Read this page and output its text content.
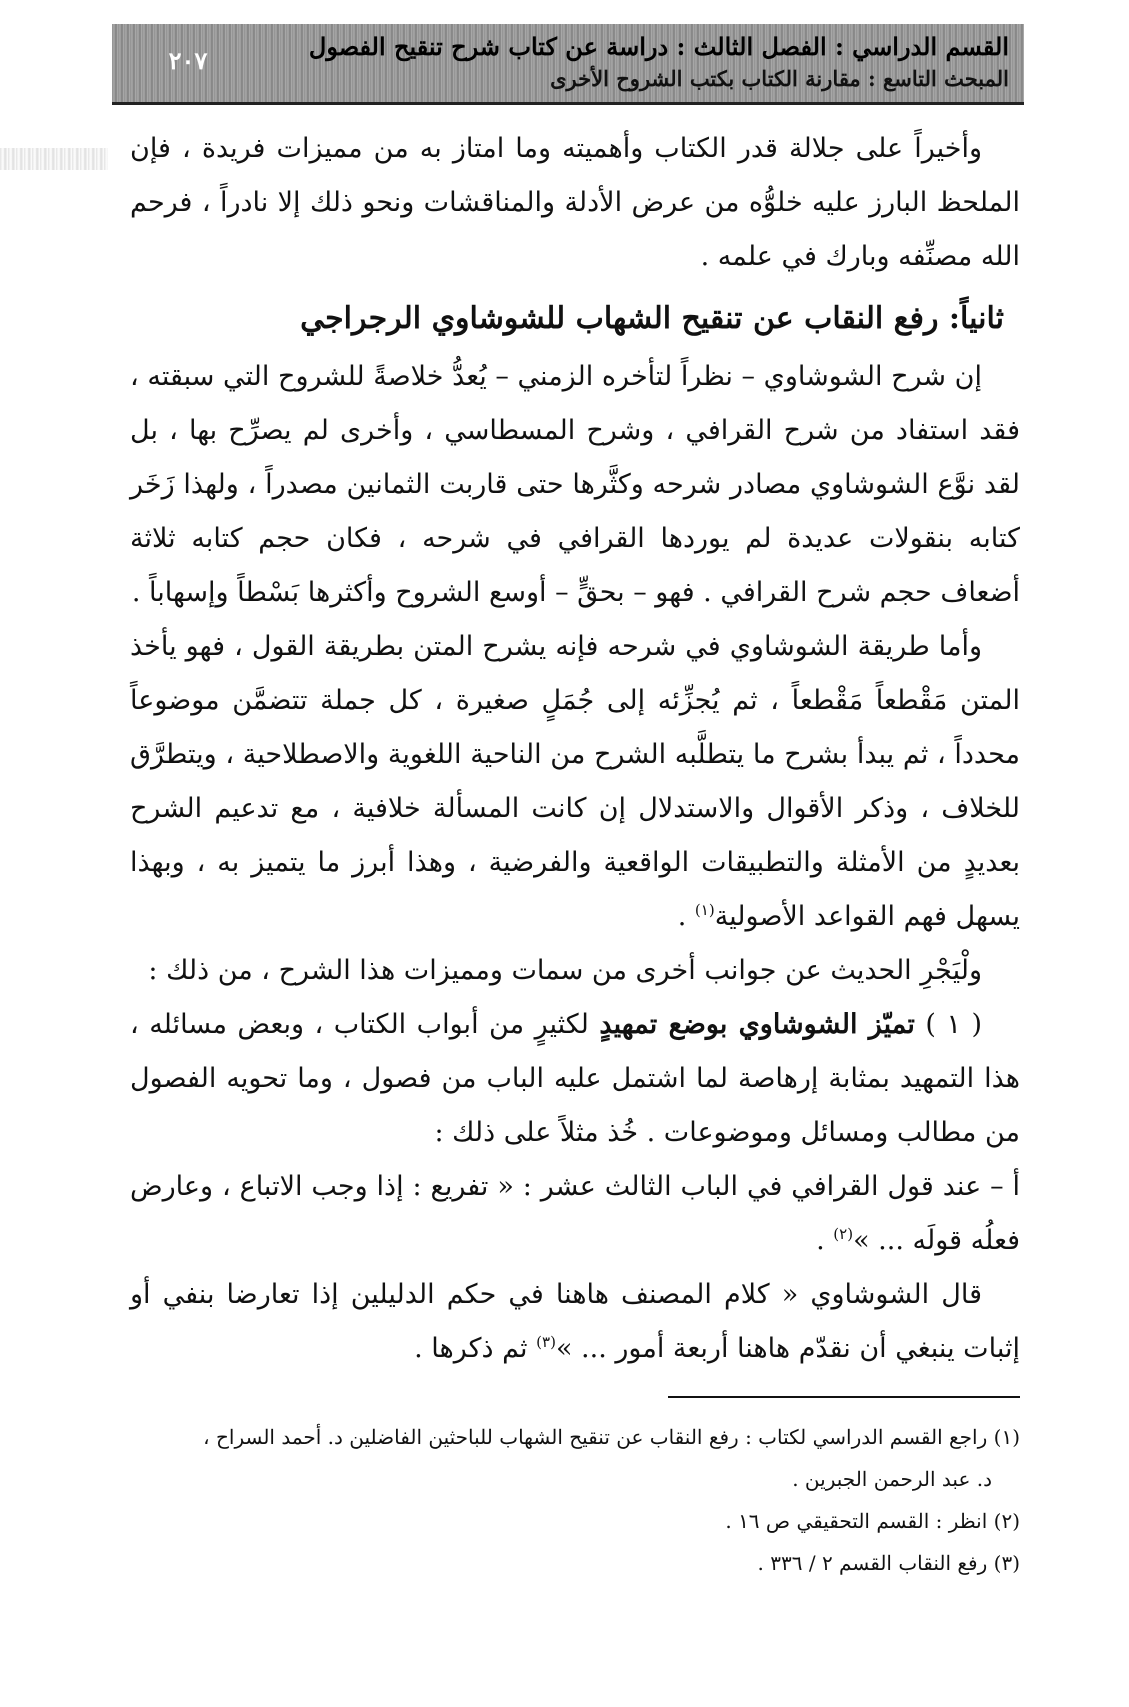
٢٠٧	القسم الدراسي : الفصل الثالث : دراسة عن كتاب شرح تنقيح الفصول
المبحث التاسع : مقارنة الكتاب بكتب الشروح الأخرى

وأخيراً على جلالة قدر الكتاب وأهميته وما امتاز به من مميزات فريدة ، فإن الملحظ البارز عليه خلوُّه من عرض الأدلة والمناقشات ونحو ذلك إلا نادراً ، فرحم الله مصنِّفه وبارك في علمه .

ثانياً: رفع النقاب عن تنقيح الشهاب للشوشاوي الرجراجي

إن شرح الشوشاوي – نظراً لتأخره الزمني – يُعدُّ خلاصةً للشروح التي سبقته ، فقد استفاد من شرح القرافي ، وشرح المسطاسي ، وأخرى لم يصرِّح بها ، بل لقد نوَّع الشوشاوي مصادر شرحه وكثَّرها حتى قاربت الثمانين مصدراً ، ولهذا زَخَر كتابه بنقولات عديدة لم يوردها القرافي في شرحه ، فكان حجم كتابه ثلاثة أضعاف حجم شرح القرافي . فهو – بحقٍّ – أوسع الشروح وأكثرها بَسْطاً وإسهاباً .

وأما طريقة الشوشاوي في شرحه فإنه يشرح المتن بطريقة القول ، فهو يأخذ المتن مَقْطعاً مَقْطعاً ، ثم يُجزِّئه إلى جُمَلٍ صغيرة ، كل جملة تتضمَّن موضوعاً محدداً ، ثم يبدأ بشرح ما يتطلَّبه الشرح من الناحية اللغوية والاصطلاحية ، ويتطرَّق للخلاف ، وذكر الأقوال والاستدلال إن كانت المسألة خلافية ، مع تدعيم الشرح بعديدٍ من الأمثلة والتطبيقات الواقعية والفرضية ، وهذا أبرز ما يتميز به ، وبهذا يسهل فهم القواعد الأصولية$^{(١)}$ .

ولْيَجْرِ الحديث عن جوانب أخرى من سمات ومميزات هذا الشرح ، من ذلك :

( ١ ) تميّز الشوشاوي بوضع تمهيدٍ لكثيرٍ من أبواب الكتاب ، وبعض مسائله ، هذا التمهيد بمثابة إرهاصة لما اشتمل عليه الباب من فصول ، وما تحويه الفصول من مطالب ومسائل وموضوعات . خُذ مثلاً على ذلك :

أ – عند قول القرافي في الباب الثالث عشر : « تفريع : إذا وجب الاتباع ، وعارض فعلُه قولَه ... »$^{(٢)}$ .

قال الشوشاوي « كلام المصنف هاهنا في حكم الدليلين إذا تعارضا بنفي أو إثبات ينبغي أن نقدّم هاهنا أربعة أمور ... »$^{(٣)}$ ثم ذكرها .

(١) راجع القسم الدراسي لكتاب : رفع النقاب عن تنقيح الشهاب للباحثين الفاضلين د. أحمد السراح ،

د. عبد الرحمن الجبرين .

(٢) انظر : القسم التحقيقي ص ١٦ .

(٣) رفع النقاب القسم ٢ / ٣٣٦ .
